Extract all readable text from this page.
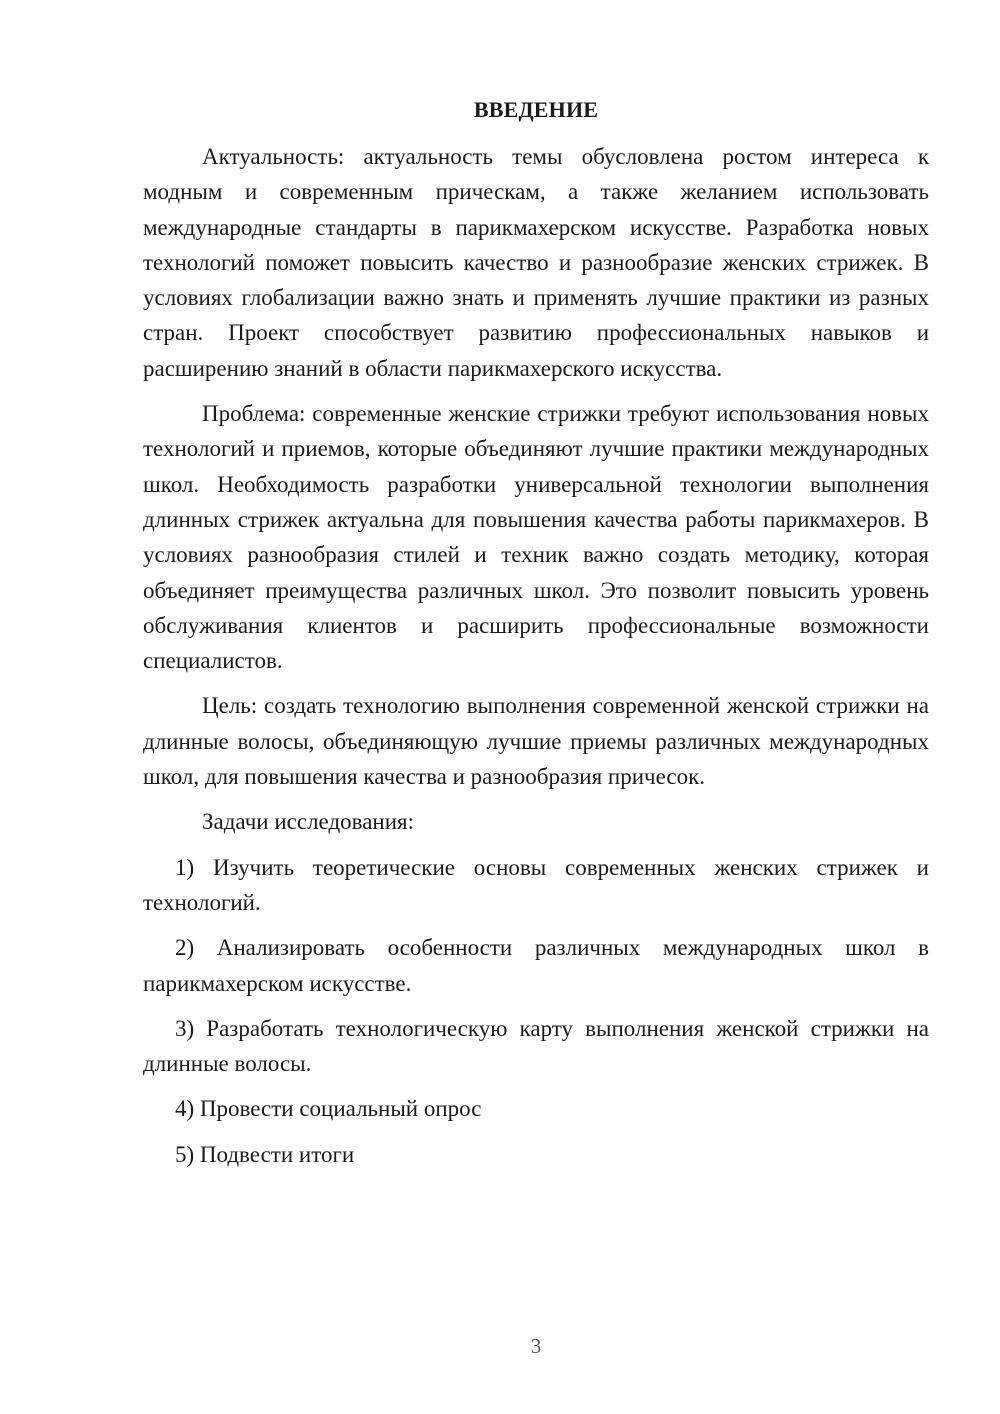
ВВЕДЕНИЕ

Актуальность: актуальность темы обусловлена ростом интереса к модным и современным прическам, а также желанием использовать международные стандарты в парикмахерском искусстве. Разработка новых технологий поможет повысить качество и разнообразие женских стрижек. В условиях глобализации важно знать и применять лучшие практики из разных стран. Проект способствует развитию профессиональных навыков и расширению знаний в области парикмахерского искусства.

Проблема: современные женские стрижки требуют использования новых технологий и приемов, которые объединяют лучшие практики международных школ. Необходимость разработки универсальной технологии выполнения длинных стрижек актуальна для повышения качества работы парикмахеров. В условиях разнообразия стилей и техник важно создать методику, которая объединяет преимущества различных школ. Это позволит повысить уровень обслуживания клиентов и расширить профессиональные возможности специалистов.

Цель: создать технологию выполнения современной женской стрижки на длинные волосы, объединяющую лучшие приемы различных международных школ, для повышения качества и разнообразия причесок.

Задачи исследования:

1) Изучить теоретические основы современных женских стрижек и технологий.

2) Анализировать особенности различных международных школ в парикмахерском искусстве.

3) Разработать технологическую карту выполнения женской стрижки на длинные волосы.

4) Провести социальный опрос

5) Подвести итоги

3
